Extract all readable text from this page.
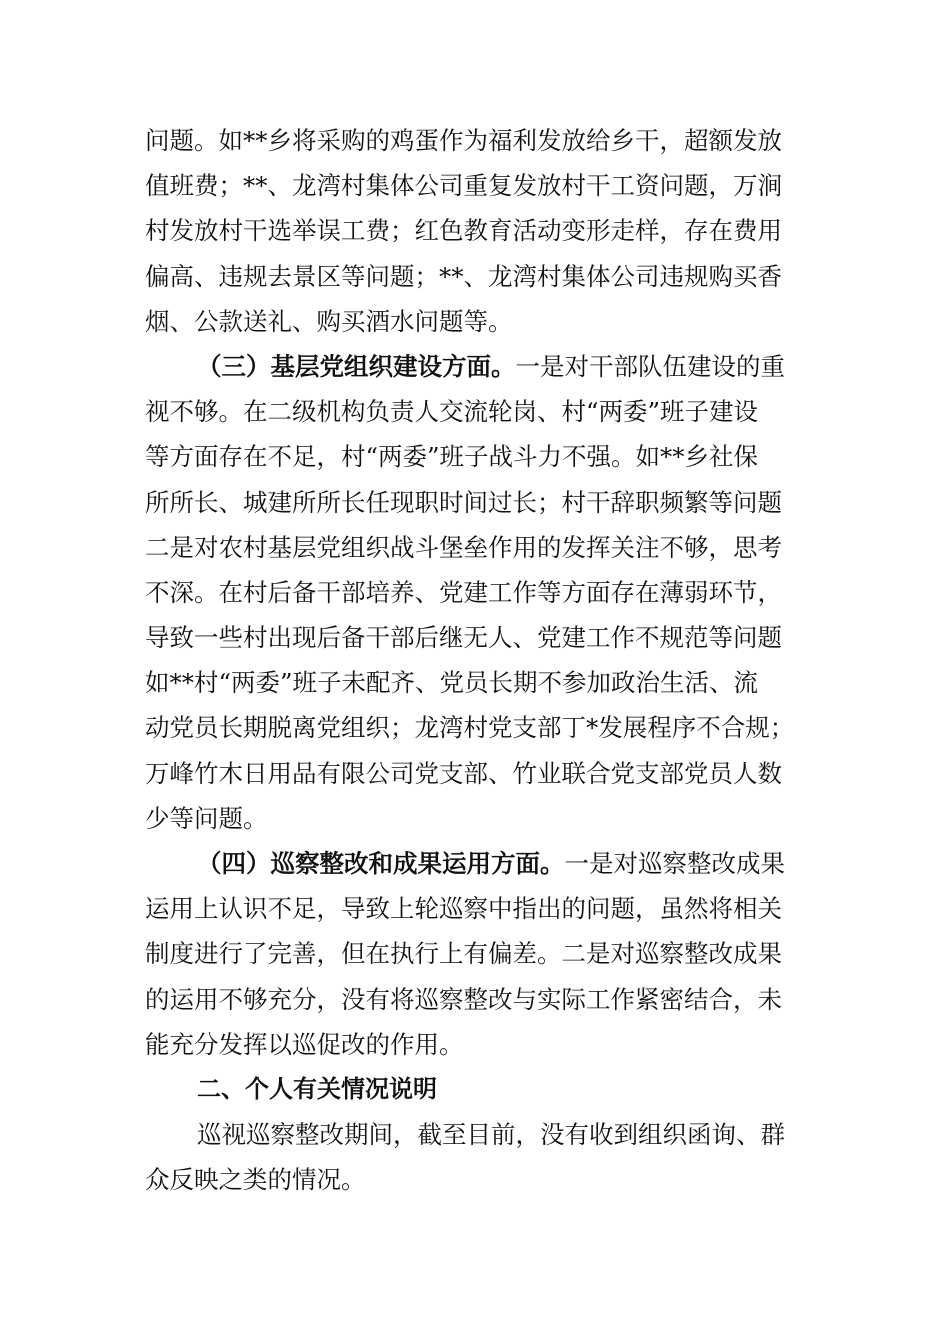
问题。如**乡将采购的鸡蛋作为福利发放给乡干，超额发放
值班费；**、龙湾村集体公司重复发放村干工资问题，万涧
村发放村干选举误工费；红色教育活动变形走样，存在费用
偏高、违规去景区等问题；**、龙湾村集体公司违规购买香
烟、公款送礼、购买酒水问题等。
（三）基层党组织建设方面。一是对干部队伍建设的重
视不够。在二级机构负责人交流轮岗、村“两委”班子建设
等方面存在不足，村“两委”班子战斗力不强。如**乡社保
所所长、城建所所长任现职时间过长；村干辞职频繁等问题
二是对农村基层党组织战斗堡垒作用的发挥关注不够，思考
不深。在村后备干部培养、党建工作等方面存在薄弱环节，
导致一些村出现后备干部后继无人、党建工作不规范等问题
如**村“两委”班子未配齐、党员长期不参加政治生活、流
动党员长期脱离党组织；龙湾村党支部丁*发展程序不合规；
万峰竹木日用品有限公司党支部、竹业联合党支部党员人数
少等问题。
（四）巡察整改和成果运用方面。一是对巡察整改成果
运用上认识不足，导致上轮巡察中指出的问题，虽然将相关
制度进行了完善，但在执行上有偏差。二是对巡察整改成果
的运用不够充分，没有将巡察整改与实际工作紧密结合，未
能充分发挥以巡促改的作用。
二、个人有关情况说明
巡视巡察整改期间，截至目前，没有收到组织函询、群
众反映之类的情况。
